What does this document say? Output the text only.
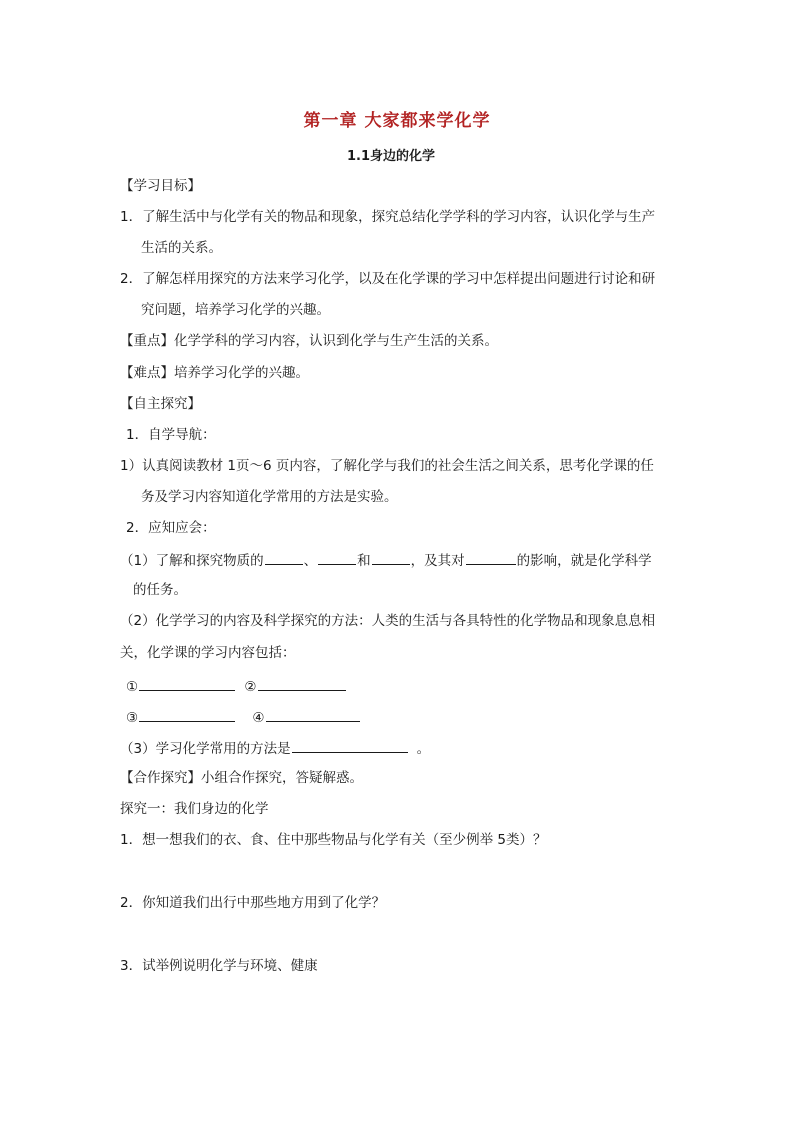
第一章 大家都来学化学
1.1身边的化学
【学习目标】
1．了解生活中与化学有关的物品和现象，探究总结化学学科的学习内容，认识化学与生产
生活的关系。
2．了解怎样用探究的方法来学习化学，以及在化学课的学习中怎样提出问题进行讨论和研
究问题，培养学习化学的兴趣。
【重点】化学学科的学习内容，认识到化学与生产生活的关系。
【难点】培养学习化学的兴趣。
【自主探究】
1．自学导航：
1）认真阅读教材 1页～6 页内容，了解化学与我们的社会生活之间关系，思考化学课的任
务及学习内容知道化学常用的方法是实验。
2．应知应会：
（1）了解和探究物质的	、	和	，及其对	的影响，就是化学科学
的任务。
（2）化学学习的内容及科学探究的方法：人类的生活与各具特性的化学物品和现象息息相
关，化学课的学习内容包括：
①	②
③	④
（3）学习化学常用的方法是	。
【合作探究】小组合作探究，答疑解惑。
探究一：我们身边的化学
1．想一想我们的衣、食、住中那些物品与化学有关（至少例举 5类）？
2．你知道我们出行中那些地方用到了化学？
3．试举例说明化学与环境、健康
